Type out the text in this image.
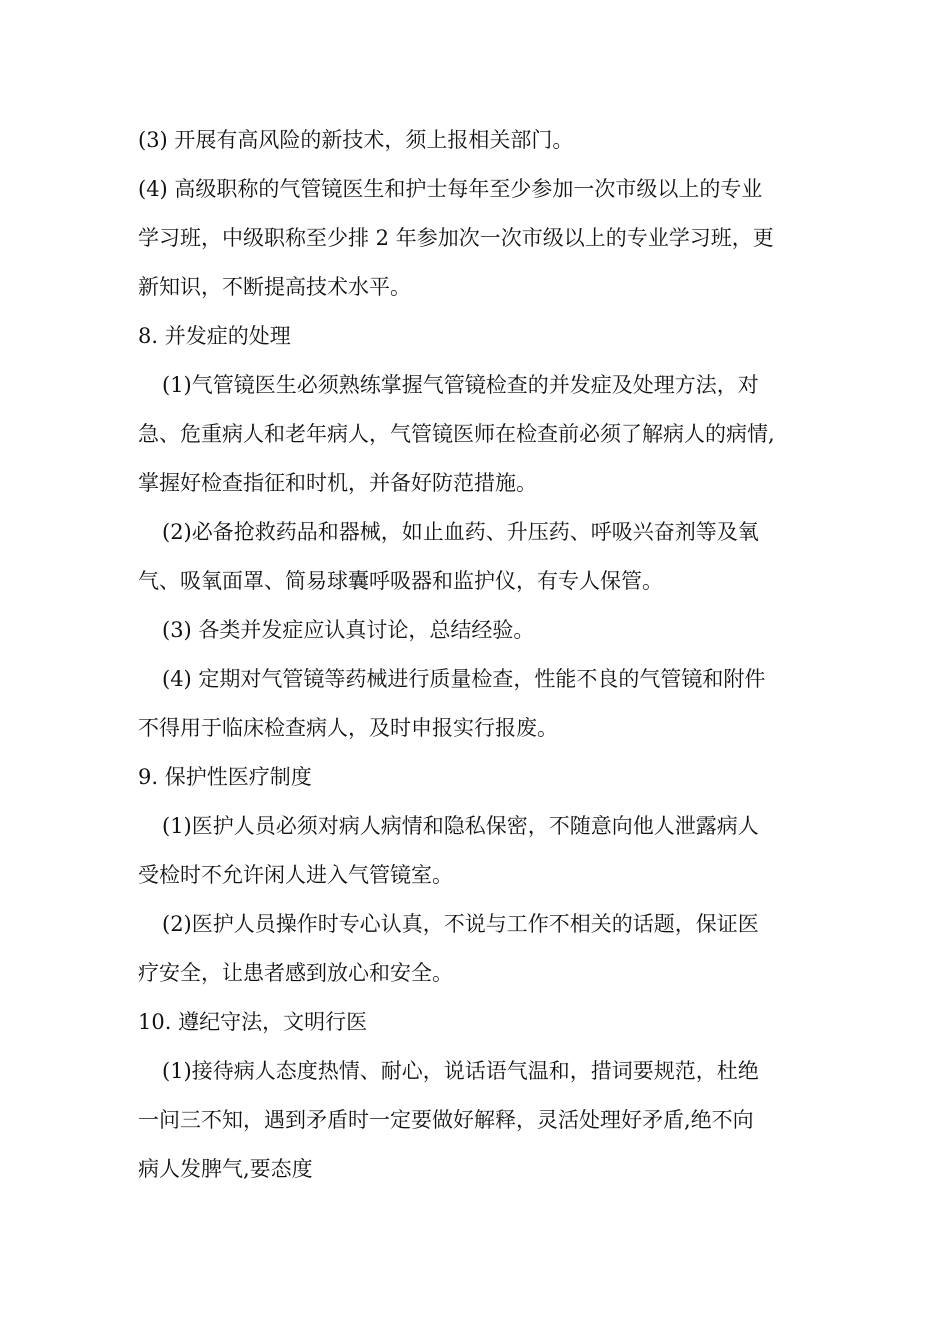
(3) 开展有高风险的新技术，须上报相关部门。
(4) 高级职称的气管镜医生和护士每年至少参加一次市级以上的专业
学习班，中级职称至少排 2 年参加次一次市级以上的专业学习班，更
新知识，不断提高技术水平。
8. 并发症的处理
(1)气管镜医生必须熟练掌握气管镜检查的并发症及处理方法，对
急、危重病人和老年病人，气管镜医师在检查前必须了解病人的病情,
掌握好检查指征和时机，并备好防范措施。
(2)必备抢救药品和器械，如止血药、升压药、呼吸兴奋剂等及氧
气、吸氧面罩、简易球囊呼吸器和监护仪，有专人保管。
(3) 各类并发症应认真讨论，总结经验。
(4) 定期对气管镜等药械进行质量检查，性能不良的气管镜和附件
不得用于临床检查病人，及时申报实行报废。
9. 保护性医疗制度
(1)医护人员必须对病人病情和隐私保密，不随意向他人泄露病人
受检时不允许闲人进入气管镜室。
(2)医护人员操作时专心认真，不说与工作不相关的话题，保证医
疗安全，让患者感到放心和安全。
10. 遵纪守法，文明行医
(1)接待病人态度热情、耐心，说话语气温和，措词要规范，杜绝
一问三不知，遇到矛盾时一定要做好解释，灵活处理好矛盾,绝不向
病人发脾气,要态度
